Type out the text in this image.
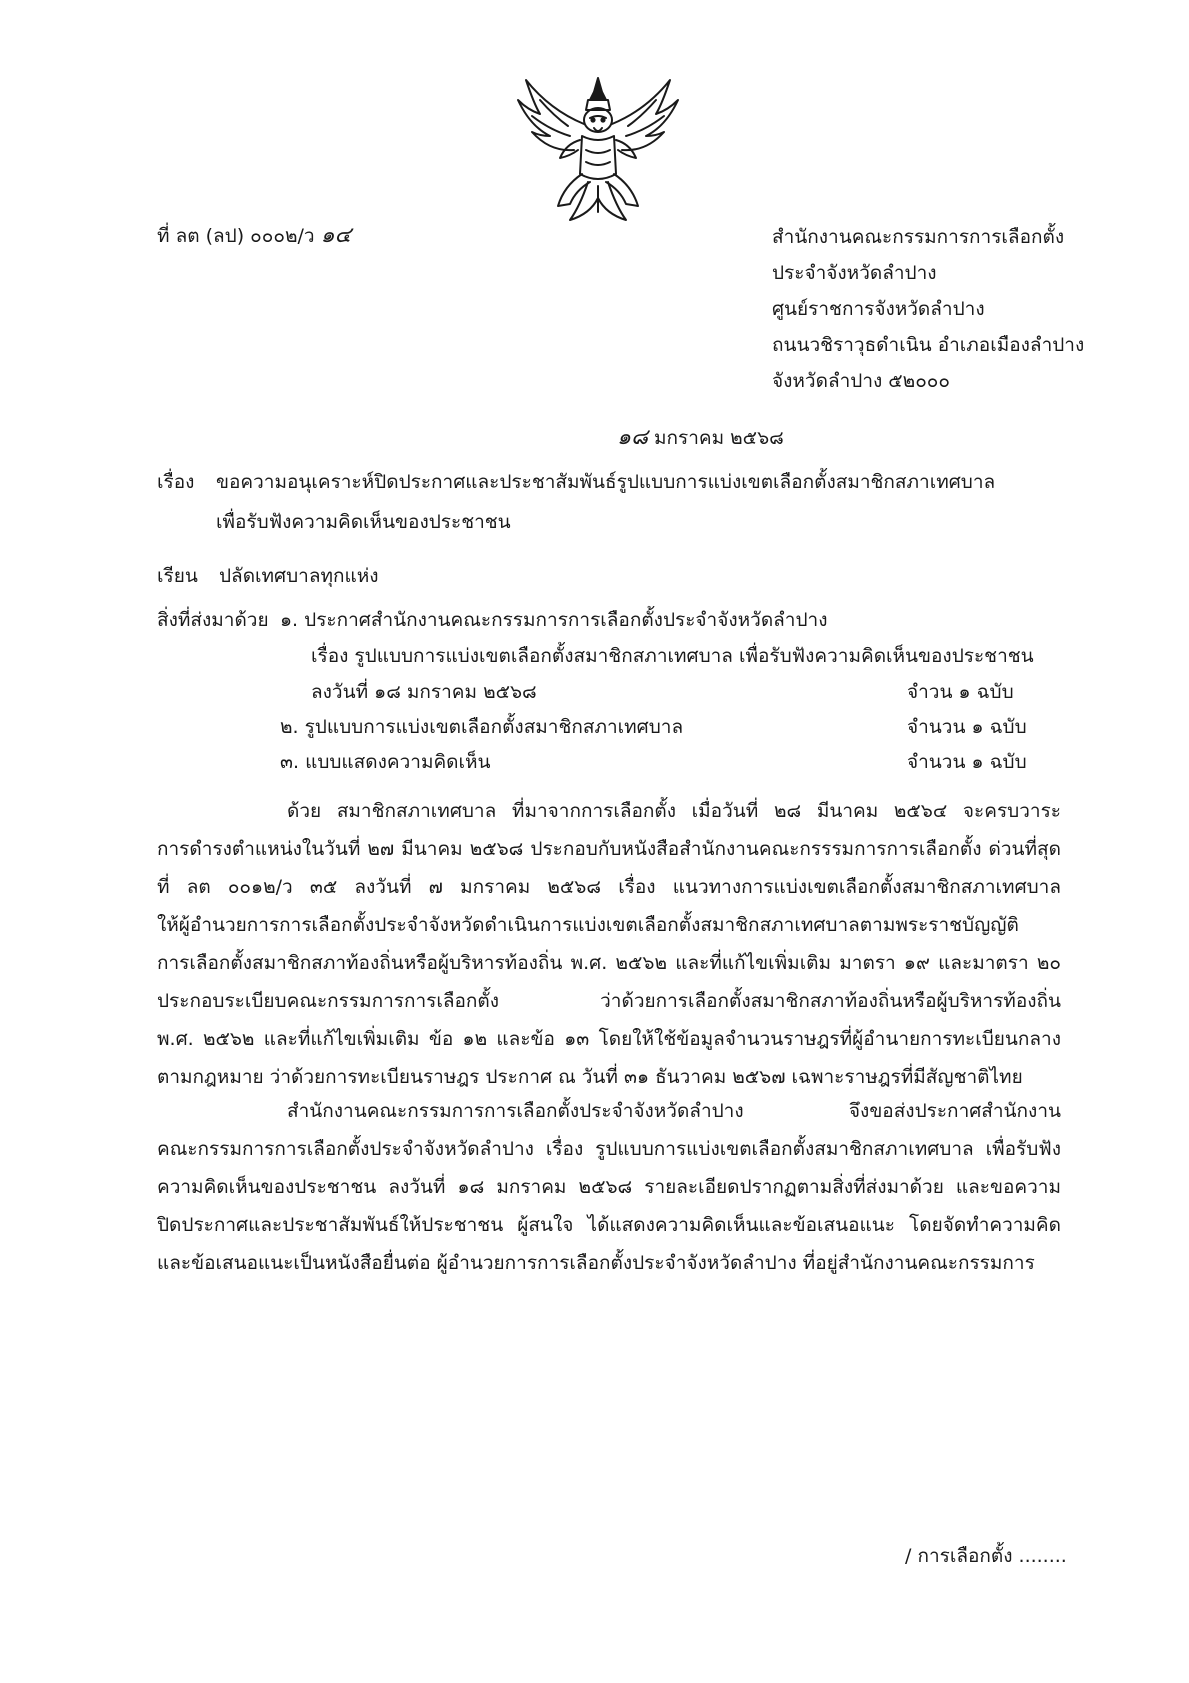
ที่ ลต (ลป) ๐๐๐๒/ว ๑๔	สำนักงานคณะกรรมการการเลือกตั้ง
ประจำจังหวัดลำปาง
ศูนย์ราชการจังหวัดลำปาง
ถนนวชิราวุธดำเนิน อำเภอเมืองลำปาง
จังหวัดลำปาง ๕๒๐๐๐
๑๘ มกราคม ๒๕๖๘
เรื่อง ขอความอนุเคราะห์ปิดประกาศและประชาสัมพันธ์รูปแบบการแบ่งเขตเลือกตั้งสมาชิกสภาเทศบาล
เพื่อรับฟังความคิดเห็นของประชาชน
เรียน ปลัดเทศบาลทุกแห่ง
สิ่งที่ส่งมาด้วย ๑. ประกาศสำนักงานคณะกรรมการการเลือกตั้งประจำจังหวัดลำปาง
เรื่อง รูปแบบการแบ่งเขตเลือกตั้งสมาชิกสภาเทศบาล เพื่อรับฟังความคิดเห็นของประชาชน
ลงวันที่ ๑๘ มกราคม ๒๕๖๘	จำวน ๑ ฉบับ
๒. รูปแบบการแบ่งเขตเลือกตั้งสมาชิกสภาเทศบาล	จำนวน ๑ ฉบับ
๓. แบบแสดงความคิดเห็น	จำนวน ๑ ฉบับ
ด้วย สมาชิกสภาเทศบาล ที่มาจากการเลือกตั้ง เมื่อวันที่ ๒๘ มีนาคม ๒๕๖๔ จะครบวาระ
การดำรงตำแหน่งในวันที่ ๒๗ มีนาคม ๒๕๖๘ ประกอบกับหนังสือสำนักงานคณะกรรรมการการเลือกตั้ง ด่วนที่สุด
ที่ ลต ๐๐๑๒/ว ๓๕ ลงวันที่ ๗ มกราคม ๒๕๖๘ เรื่อง แนวทางการแบ่งเขตเลือกตั้งสมาชิกสภาเทศบาล
ให้ผู้อำนวยการการเลือกตั้งประจำจังหวัดดำเนินการแบ่งเขตเลือกตั้งสมาชิกสภาเทศบาลตามพระราชบัญญัติ
การเลือกตั้งสมาชิกสภาท้องถิ่นหรือผู้บริหารท้องถิ่น พ.ศ. ๒๕๖๒ และที่แก้ไขเพิ่มเติม มาตรา ๑๙ และมาตรา ๒๐
ประกอบระเบียบคณะกรรมการการเลือกตั้ง ว่าด้วยการเลือกตั้งสมาชิกสภาท้องถิ่นหรือผู้บริหารท้องถิ่น
พ.ศ. ๒๕๖๒ และที่แก้ไขเพิ่มเติม ข้อ ๑๒ และข้อ ๑๓ โดยให้ใช้ข้อมูลจำนวนราษฎรที่ผู้อำนายการทะเบียนกลาง
ตามกฎหมาย ว่าด้วยการทะเบียนราษฎร ประกาศ ณ วันที่ ๓๑ ธันวาคม ๒๕๖๗ เฉพาะราษฎรที่มีสัญชาติไทย
สำนักงานคณะกรรมการการเลือกตั้งประจำจังหวัดลำปาง จึงขอส่งประกาศสำนักงาน
คณะกรรมการการเลือกตั้งประจำจังหวัดลำปาง เรื่อง รูปแบบการแบ่งเขตเลือกตั้งสมาชิกสภาเทศบาล เพื่อรับฟัง
ความคิดเห็นของประชาชน ลงวันที่ ๑๘ มกราคม ๒๕๖๘ รายละเอียดปรากฏตามสิ่งที่ส่งมาด้วย และขอความ
ปิดประกาศและประชาสัมพันธ์ให้ประชาชน ผู้สนใจ ได้แสดงความคิดเห็นและข้อเสนอแนะ โดยจัดทำความคิด
และข้อเสนอแนะเป็นหนังสือยื่นต่อ ผู้อำนวยการการเลือกตั้งประจำจังหวัดลำปาง ที่อยู่สำนักงานคณะกรรมการ
/ การเลือกตั้ง ........
